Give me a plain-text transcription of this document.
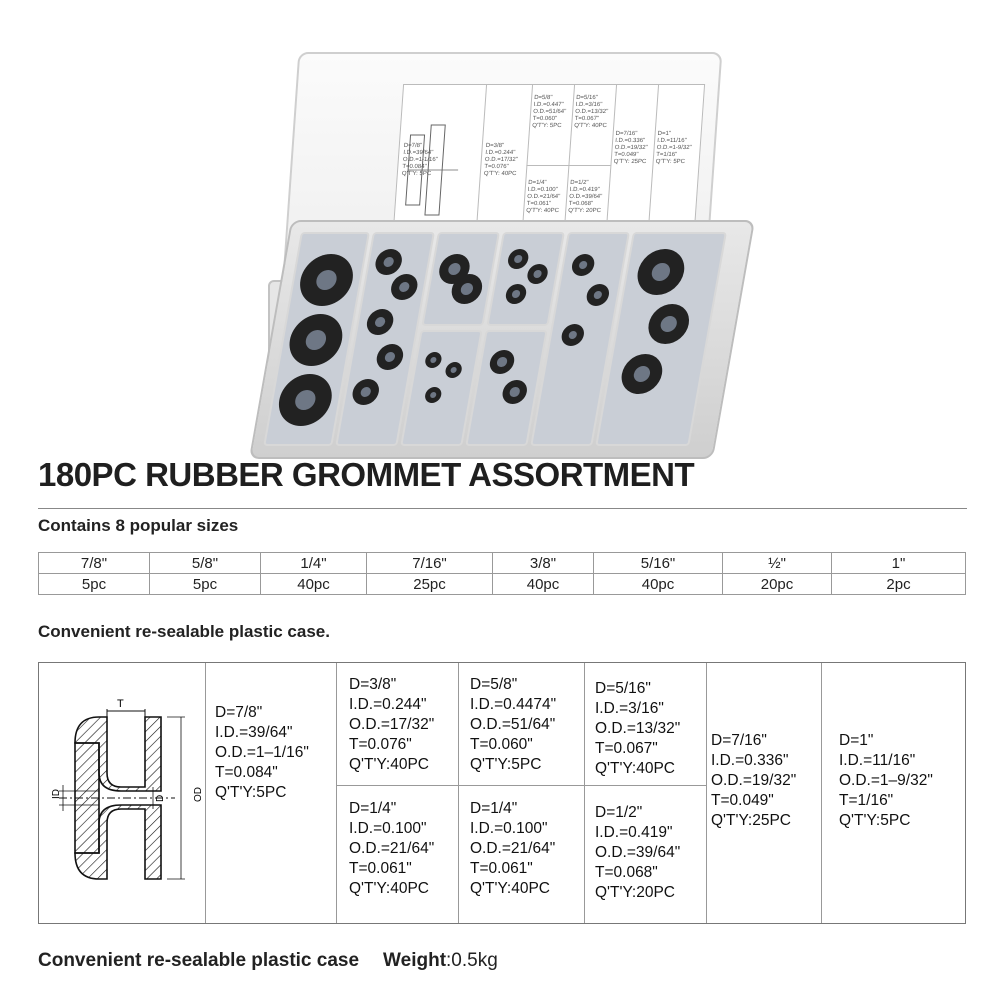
D=7/8"
I.D.=39/64"
O.D.=1-1/16"
T=0.084"
Q'T'Y: 5PC
D=3/8"
I.D.=0.244"
O.D.=17/32"
T=0.076"
Q'T'Y: 40PC
D=5/8"
I.D.=0.447"
O.D.=51/64"
T=0.060"
Q'T'Y: 5PC
D=1/4"
I.D.=0.100"
O.D.=21/64"
T=0.061"
Q'T'Y: 40PC
D=5/16"
I.D.=3/16"
O.D.=13/32"
T=0.067"
Q'T'Y: 40PC
D=1/2"
I.D.=0.419"
O.D.=39/64"
T=0.068"
Q'T'Y: 20PC
D=7/16"
I.D.=0.336"
O.D.=19/32"
T=0.049"
Q'T'Y: 25PC
D=1"
I.D.=11/16"
O.D.=1-9/32"
T=1/16"
Q'T'Y: 5PC
180PC RUBBER GROMMET ASSORTMENT
Contains 8 popular sizes
7/8"	5/8"	1/4"	7/16"	3/8"	5/16"	½"	1"
5pc	5pc	40pc	25pc	40pc	40pc	20pc	2pc
Convenient re-sealable plastic case.
T
ID	D	OD
D=7/8"
I.D.=39/64"
O.D.=1–1/16"
T=0.084"
Q'T'Y:5PC
D=3/8"
I.D.=0.244"
O.D.=17/32"
T=0.076"
Q'T'Y:40PC
D=1/4"
I.D.=0.100"
O.D.=21/64"
T=0.061"
Q'T'Y:40PC
D=5/8"
I.D.=0.4474"
O.D.=51/64"
T=0.060"
Q'T'Y:5PC
D=1/4"
I.D.=0.100"
O.D.=21/64"
T=0.061"
Q'T'Y:40PC
D=5/16"
I.D.=3/16"
O.D.=13/32"
T=0.067"
Q'T'Y:40PC
D=1/2"
I.D.=0.419"
O.D.=39/64"
T=0.068"
Q'T'Y:20PC
D=7/16"
I.D.=0.336"
O.D.=19/32"
T=0.049"
Q'T'Y:25PC
D=1"
I.D.=11/16"
O.D.=1–9/32"
T=1/16"
Q'T'Y:5PC
Convenient re-sealable plastic case Weight:0.5kg
